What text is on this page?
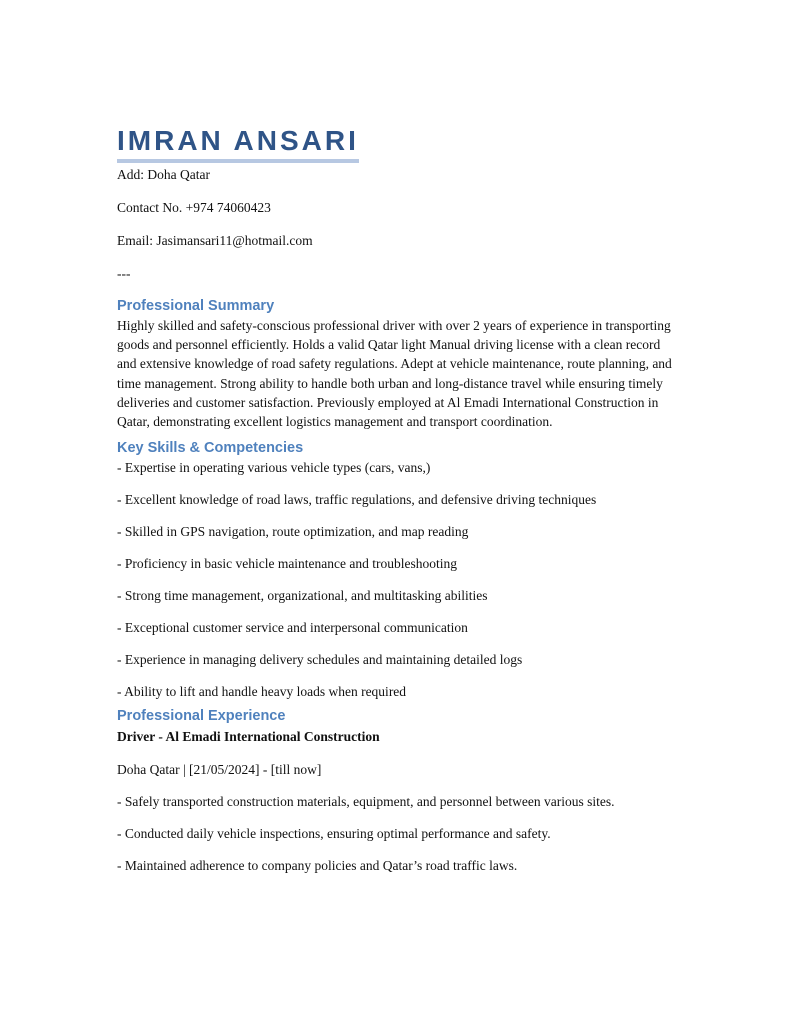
IMRAN ANSARI

Add: Doha Qatar

Contact No. +974 74060423

Email: Jasimansari11@hotmail.com

---

Professional Summary

Highly skilled and safety-conscious professional driver with over 2 years of experience in transporting goods and personnel efficiently. Holds a valid Qatar light Manual driving license with a clean record and extensive knowledge of road safety regulations. Adept at vehicle maintenance, route planning, and time management. Strong ability to handle both urban and long-distance travel while ensuring timely deliveries and customer satisfaction. Previously employed at Al Emadi International Construction in Qatar, demonstrating excellent logistics management and transport coordination.

Key Skills & Competencies

- Expertise in operating various vehicle types (cars, vans,)

- Excellent knowledge of road laws, traffic regulations, and defensive driving techniques

- Skilled in GPS navigation, route optimization, and map reading

- Proficiency in basic vehicle maintenance and troubleshooting

- Strong time management, organizational, and multitasking abilities

- Exceptional customer service and interpersonal communication

- Experience in managing delivery schedules and maintaining detailed logs

- Ability to lift and handle heavy loads when required

Professional Experience

Driver - Al Emadi International Construction

Doha Qatar | [21/05/2024] - [till now]

- Safely transported construction materials, equipment, and personnel between various sites.

- Conducted daily vehicle inspections, ensuring optimal performance and safety.

- Maintained adherence to company policies and Qatar’s road traffic laws.
